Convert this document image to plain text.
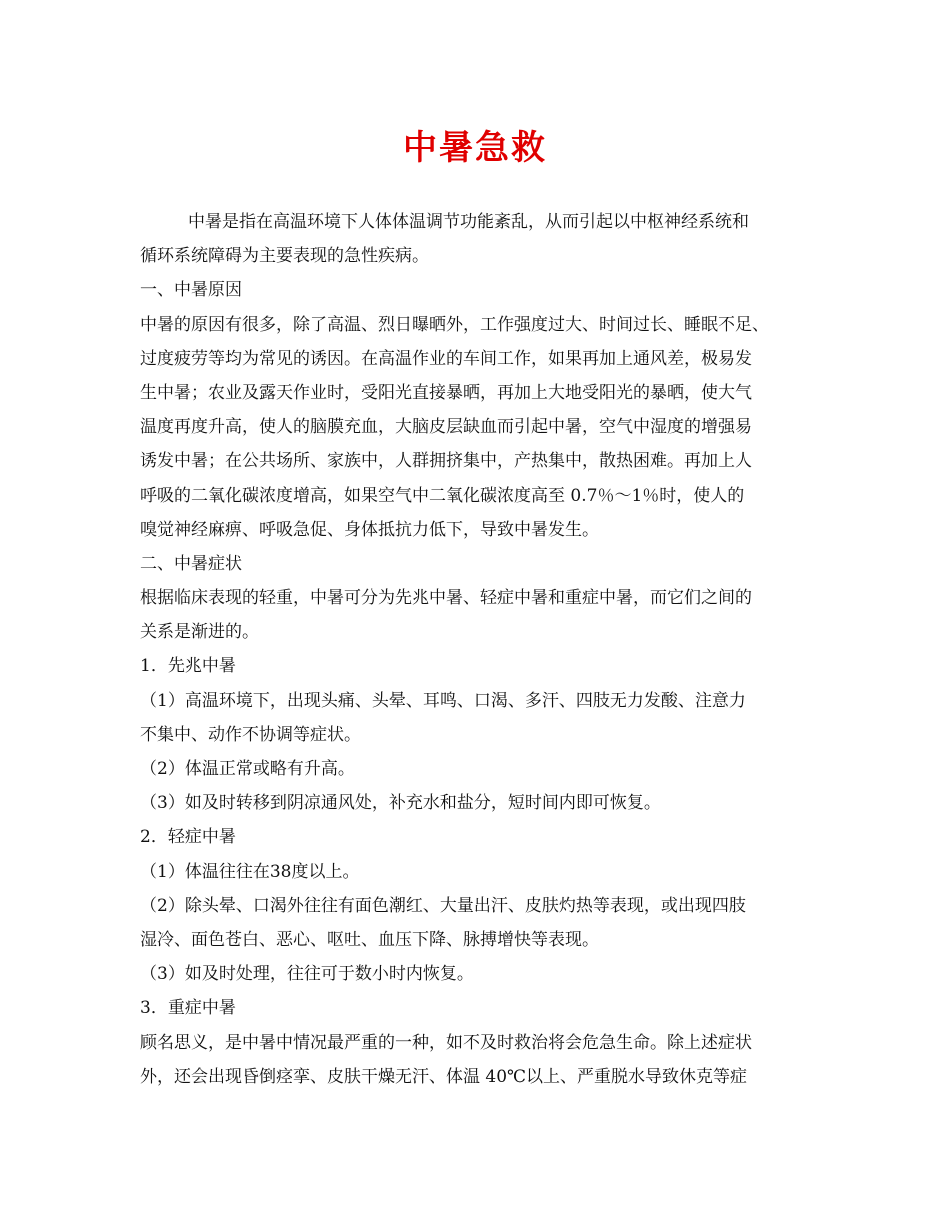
中暑急救
中暑是指在高温环境下人体体温调节功能紊乱，从而引起以中枢神经系统和
循环系统障碍为主要表现的急性疾病。
一、中暑原因
中暑的原因有很多，除了高温、烈日曝晒外，工作强度过大、时间过长、睡眠不足、
过度疲劳等均为常见的诱因。在高温作业的车间工作，如果再加上通风差，极易发
生中暑；农业及露天作业时，受阳光直接暴晒，再加上大地受阳光的暴晒，使大气
温度再度升高，使人的脑膜充血，大脑皮层缺血而引起中暑，空气中湿度的增强易
诱发中暑；在公共场所、家族中，人群拥挤集中，产热集中，散热困难。再加上人
呼吸的二氧化碳浓度增高，如果空气中二氧化碳浓度高至 0.7％～1％时，使人的
嗅觉神经麻痹、呼吸急促、身体抵抗力低下，导致中暑发生。
二、中暑症状
根据临床表现的轻重，中暑可分为先兆中暑、轻症中暑和重症中暑，而它们之间的
关系是渐进的。
1．先兆中暑
（1）高温环境下，出现头痛、头晕、耳鸣、口渴、多汗、四肢无力发酸、注意力
不集中、动作不协调等症状。
（2）体温正常或略有升高。
（3）如及时转移到阴凉通风处，补充水和盐分，短时间内即可恢复。
2．轻症中暑
（1）体温往往在38度以上。
（2）除头晕、口渴外往往有面色潮红、大量出汗、皮肤灼热等表现，或出现四肢
湿冷、面色苍白、恶心、呕吐、血压下降、脉搏增快等表现。
（3）如及时处理，往往可于数小时内恢复。
3．重症中暑
顾名思义，是中暑中情况最严重的一种，如不及时救治将会危急生命。除上述症状
外，还会出现昏倒痉挛、皮肤干燥无汗、体温 40℃以上、严重脱水导致休克等症
